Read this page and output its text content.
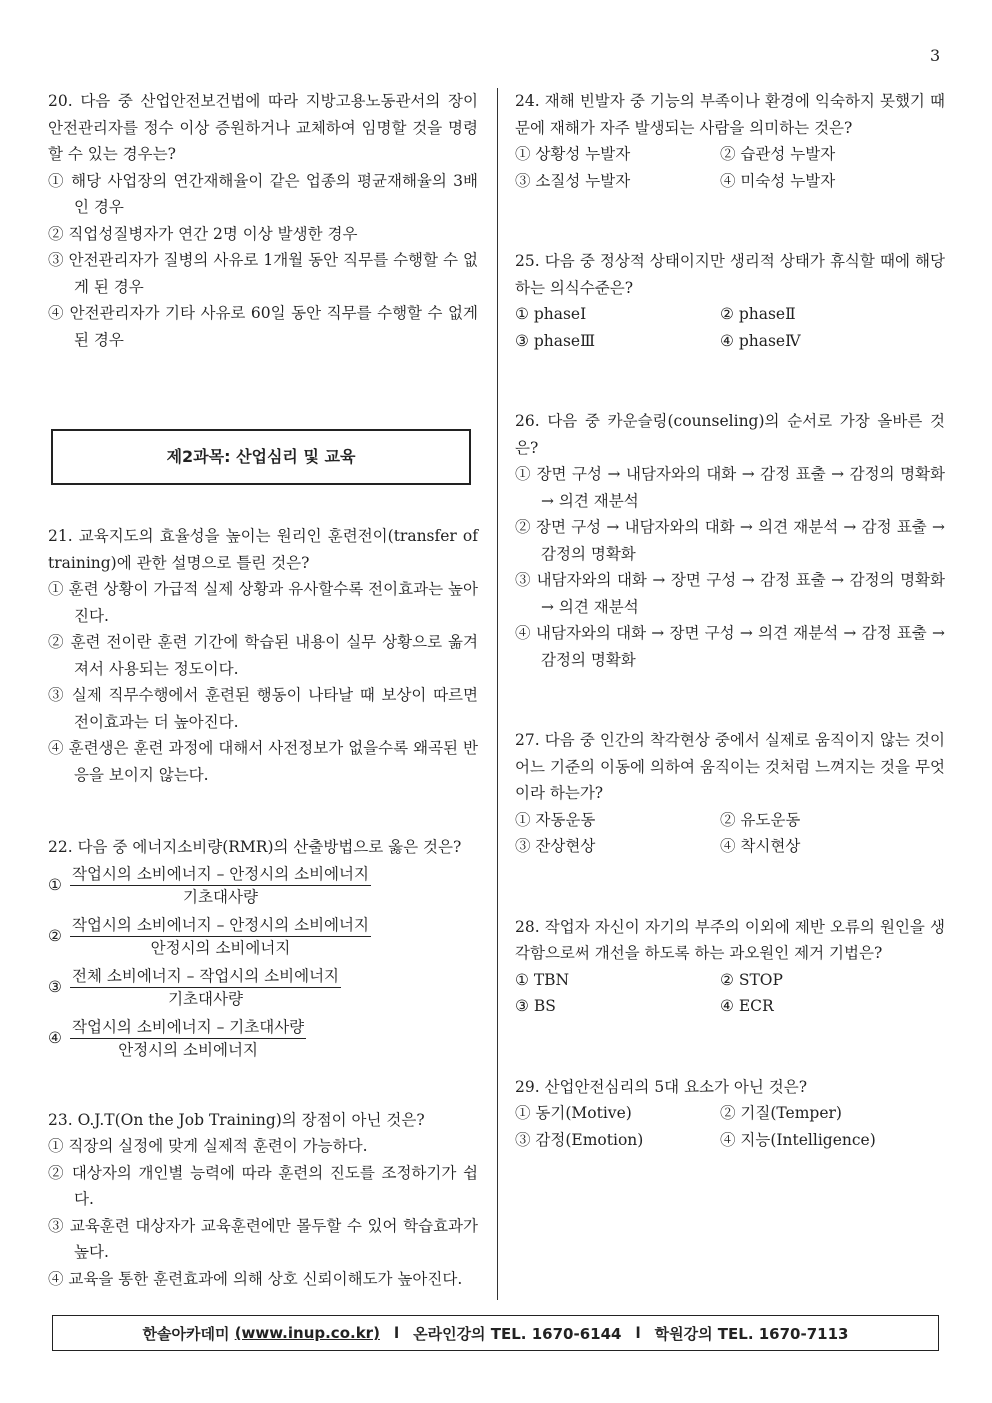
3

20. 다음 중 산업안전보건법에 따라 지방고용노동관서의 장이 안전관리자를 정수 이상 증원하거나 교체하여 임명할 것을 명령할 수 있는 경우는?

① 해당 사업장의 연간재해율이 같은 업종의 평균재해율의 3배인 경우

② 직업성질병자가 연간 2명 이상 발생한 경우

③ 안전관리자가 질병의 사유로 1개월 동안 직무를 수행할 수 없게 된 경우

④ 안전관리자가 기타 사유로 60일 동안 직무를 수행할 수 없게 된 경우

제2과목: 산업심리 및 교육

21. 교육지도의 효율성을 높이는 원리인 훈련전이(transfer of training)에 관한 설명으로 틀린 것은?

① 훈련 상황이 가급적 실제 상황과 유사할수록 전이효과는 높아진다.

② 훈련 전이란 훈련 기간에 학습된 내용이 실무 상황으로 옮겨져서 사용되는 정도이다.

③ 실제 직무수행에서 훈련된 행동이 나타날 때 보상이 따르면 전이효과는 더 높아진다.

④ 훈련생은 훈련 과정에 대해서 사전정보가 없을수록 왜곡된 반응을 보이지 않는다.

22. 다음 중 에너지소비량(RMR)의 산출방법으로 옳은 것은?

① $\frac{\text{작업시의 소비에너지 – 안정시의 소비에너지}}{\text{기초대사량}}$
② $\frac{\text{작업시의 소비에너지 – 안정시의 소비에너지}}{\text{안정시의 소비에너지}}$
③ $\frac{\text{전체 소비에너지 – 작업시의 소비에너지}}{\text{기초대사량}}$
④ $\frac{\text{작업시의 소비에너지 – 기초대사량}}{\text{안정시의 소비에너지}}$

23. O.J.T(On the Job Training)의 장점이 아닌 것은?

① 직장의 실정에 맞게 실제적 훈련이 가능하다.

② 대상자의 개인별 능력에 따라 훈련의 진도를 조정하기가 쉽다.

③ 교육훈련 대상자가 교육훈련에만 몰두할 수 있어 학습효과가 높다.

④ 교육을 통한 훈련효과에 의해 상호 신뢰이해도가 높아진다.

24. 재해 빈발자 중 기능의 부족이나 환경에 익숙하지 못했기 때문에 재해가 자주 발생되는 사람을 의미하는 것은?

① 상황성 누발자	② 습관성 누발자

③ 소질성 누발자	④ 미숙성 누발자

25. 다음 중 정상적 상태이지만 생리적 상태가 휴식할 때에 해당하는 의식수준은?

① phaseⅠ	② phaseⅡ

③ phaseⅢ	④ phaseⅣ

26. 다음 중 카운슬링(counseling)의 순서로 가장 올바른 것은?

① 장면 구성 → 내담자와의 대화 → 감정 표출 → 감정의 명확화 → 의견 재분석

② 장면 구성 → 내담자와의 대화 → 의견 재분석 → 감정 표출 → 감정의 명확화

③ 내담자와의 대화 → 장면 구성 → 감정 표출 → 감정의 명확화 → 의견 재분석

④ 내담자와의 대화 → 장면 구성 → 의견 재분석 → 감정 표출 → 감정의 명확화

27. 다음 중 인간의 착각현상 중에서 실제로 움직이지 않는 것이 어느 기준의 이동에 의하여 움직이는 것처럼 느껴지는 것을 무엇이라 하는가?

① 자동운동	② 유도운동

③ 잔상현상	④ 착시현상

28. 작업자 자신이 자기의 부주의 이외에 제반 오류의 원인을 생각함으로써 개선을 하도록 하는 과오원인 제거 기법은?

① TBN	② STOP

③ BS	④ ECR

29. 산업안전심리의 5대 요소가 아닌 것은?

① 동기(Motive)	② 기질(Temper)

③ 감정(Emotion)	④ 지능(Intelligence)

한솔아카데미
(www.inup.co.kr) l 온라인강의 TEL. 1670-6144 l 학원강의 TEL. 1670-7113
